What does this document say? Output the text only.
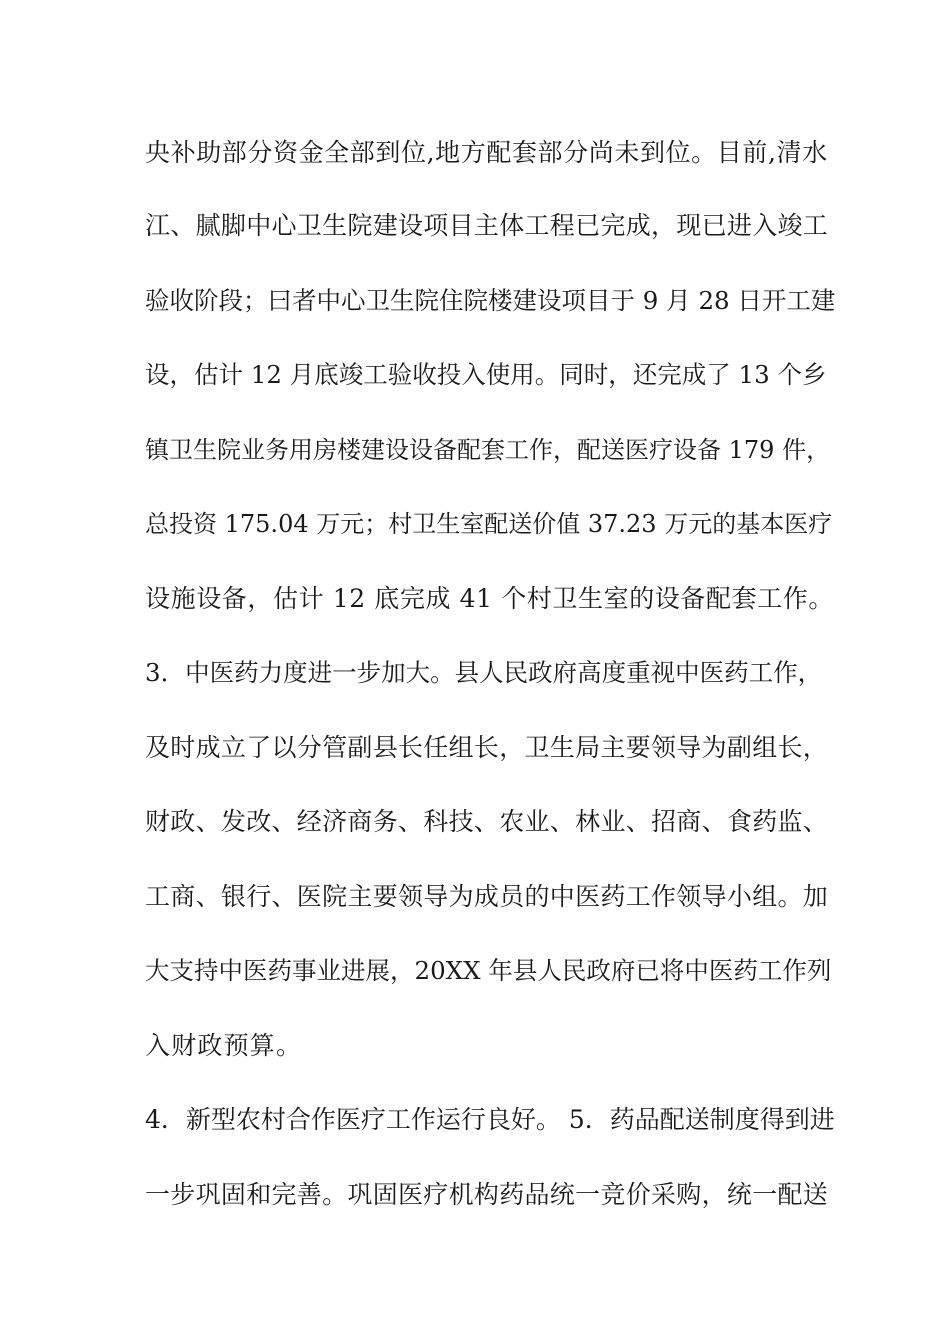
央补助部分资金全部到位,地方配套部分尚未到位。目前,清水
江、腻脚中心卫生院建设项目主体工程已完成，现已进入竣工
验收阶段；曰者中心卫生院住院楼建设项目于 9 月 28 日开工建
设，估计 12 月底竣工验收投入使用。同时，还完成了 13 个乡
镇卫生院业务用房楼建设设备配套工作，配送医疗设备 179 件，
总投资 175.04 万元；村卫生室配送价值 37.23 万元的基本医疗
设施设备，估计 12 底完成 41 个村卫生室的设备配套工作。
3．中医药力度进一步加大。县人民政府高度重视中医药工作，
及时成立了以分管副县长任组长，卫生局主要领导为副组长，
财政、发改、经济商务、科技、农业、林业、招商、食药监、
工商、银行、医院主要领导为成员的中医药工作领导小组。加
大支持中医药事业进展，20XX 年县人民政府已将中医药工作列
入财政预算。
4．新型农村合作医疗工作运行良好。 5．药品配送制度得到进
一步巩固和完善。巩固医疗机构药品统一竞价采购，统一配送
